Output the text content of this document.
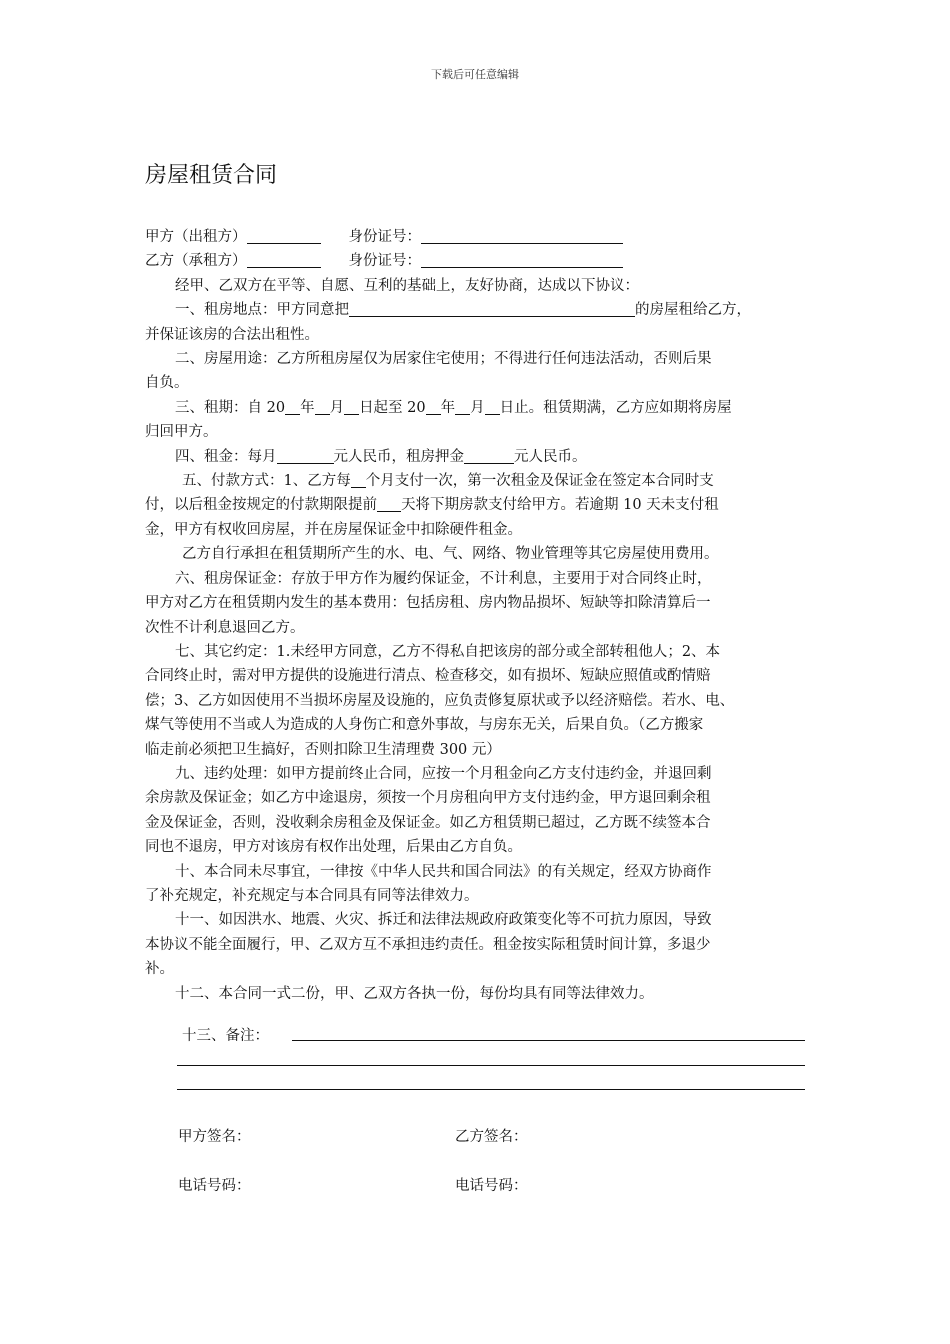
下载后可任意编辑
房屋租赁合同
甲方（出租方）	身份证号：
乙方（承租方）	身份证号：
经甲、乙双方在平等、自愿、互利的基础上，友好协商，达成以下协议：
一、租房地点：甲方同意把	的房屋租给乙方，
并保证该房的合法出租性。
二、房屋用途：乙方所租房屋仅为居家住宅使用；不得进行任何违法活动，否则后果
自负。
三、租期：自 20 年 月 日起至 20 年 月 日止。租赁期满，乙方应如期将房屋
归回甲方。
四、租金：每月	元人民币，租房押金	元人民币。
五、付款方式：1、乙方每 个月支付一次，第一次租金及保证金在签定本合同时支
付，以后租金按规定的付款期限提前 天将下期房款支付给甲方。若逾期 10 天未支付租
金，甲方有权收回房屋，并在房屋保证金中扣除硬件租金。
乙方自行承担在租赁期所产生的水、电、气、网络、物业管理等其它房屋使用费用。
六、租房保证金：存放于甲方作为履约保证金，不计利息，主要用于对合同终止时，
甲方对乙方在租赁期内发生的基本费用：包括房租、房内物品损坏、短缺等扣除清算后一
次性不计利息退回乙方。
七、其它约定：1.未经甲方同意，乙方不得私自把该房的部分或全部转租他人；2、本
合同终止时，需对甲方提供的设施进行清点、检查移交，如有损坏、短缺应照值或酌情赔
偿；3、乙方如因使用不当损坏房屋及设施的，应负责修复原状或予以经济赔偿。若水、电、
煤气等使用不当或人为造成的人身伤亡和意外事故，与房东无关，后果自负。（乙方搬家
临走前必须把卫生搞好，否则扣除卫生清理费 300 元）
九、违约处理：如甲方提前终止合同，应按一个月租金向乙方支付违约金，并退回剩
余房款及保证金；如乙方中途退房，须按一个月房租向甲方支付违约金，甲方退回剩余租
金及保证金，否则，没收剩余房租金及保证金。如乙方租赁期已超过，乙方既不续签本合
同也不退房，甲方对该房有权作出处理，后果由乙方自负。
十、本合同未尽事宜，一律按《中华人民共和国合同法》的有关规定，经双方协商作
了补充规定，补充规定与本合同具有同等法律效力。
十一、如因洪水、地震、火灾、拆迁和法律法规政府政策变化等不可抗力原因，导致
本协议不能全面履行，甲、乙双方互不承担违约责任。租金按实际租赁时间计算，多退少
补。
十二、本合同一式二份，甲、乙双方各执一份，每份均具有同等法律效力。
十三、备注：
甲方签名：	乙方签名：
电话号码：	电话号码：
